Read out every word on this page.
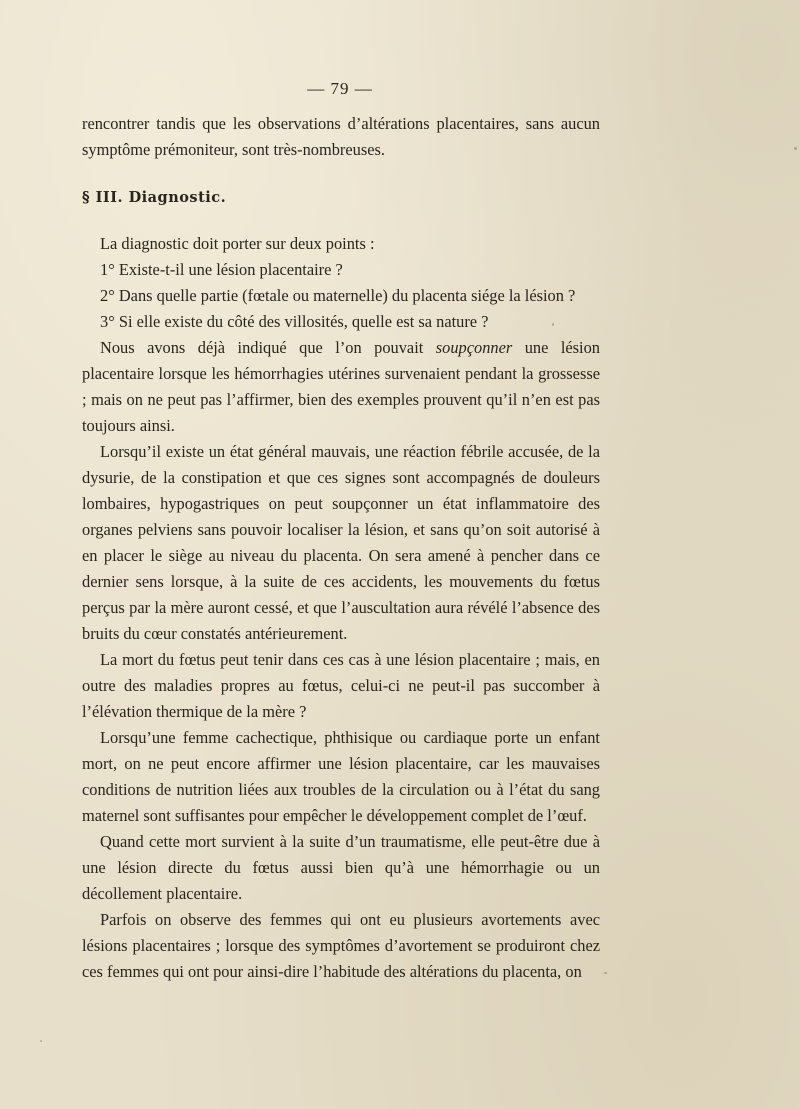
— 79 —

rencontrer tandis que les observations d’altérations placentaires, sans aucun symptôme prémoniteur, sont très-nombreuses.

§ III. Diagnostic.

La diagnostic doit porter sur deux points :

1° Existe-t-il une lésion placentaire ?

2° Dans quelle partie (fœtale ou maternelle) du placenta siége la lésion ?

3° Si elle existe du côté des villosités, quelle est sa nature ?

Nous avons déjà indiqué que l’on pouvait soupçonner une lésion placentaire lorsque les hémorrhagies utérines survenaient pendant la grossesse ; mais on ne peut pas l’affirmer, bien des exemples prouvent qu’il n’en est pas toujours ainsi.

Lorsqu’il existe un état général mauvais, une réaction fébrile accusée, de la dysurie, de la constipation et que ces signes sont accompagnés de douleurs lombaires, hypogastriques on peut soupçonner un état inflammatoire des organes pelviens sans pouvoir localiser la lésion, et sans qu’on soit autorisé à en placer le siège au niveau du placenta. On sera amené à pencher dans ce dernier sens lorsque, à la suite de ces accidents, les mouvements du fœtus perçus par la mère auront cessé, et que l’auscultation aura révélé l’absence des bruits du cœur constatés antérieurement.

La mort du fœtus peut tenir dans ces cas à une lésion placentaire ; mais, en outre des maladies propres au fœtus, celui-ci ne peut-il pas succomber à l’élévation thermique de la mère ?

Lorsqu’une femme cachectique, phthisique ou cardiaque porte un enfant mort, on ne peut encore affirmer une lésion placentaire, car les mauvaises conditions de nutrition liées aux troubles de la circulation ou à l’état du sang maternel sont suffisantes pour empêcher le développement complet de l’œuf.

Quand cette mort survient à la suite d’un traumatisme, elle peut-être due à une lésion directe du fœtus aussi bien qu’à une hémorrhagie ou un décollement placentaire.

Parfois on observe des femmes qui ont eu plusieurs avortements avec lésions placentaires ; lorsque des symptômes d’avortement se produiront chez ces femmes qui ont pour ainsi-dire l’habitude des altérations du placenta, on
